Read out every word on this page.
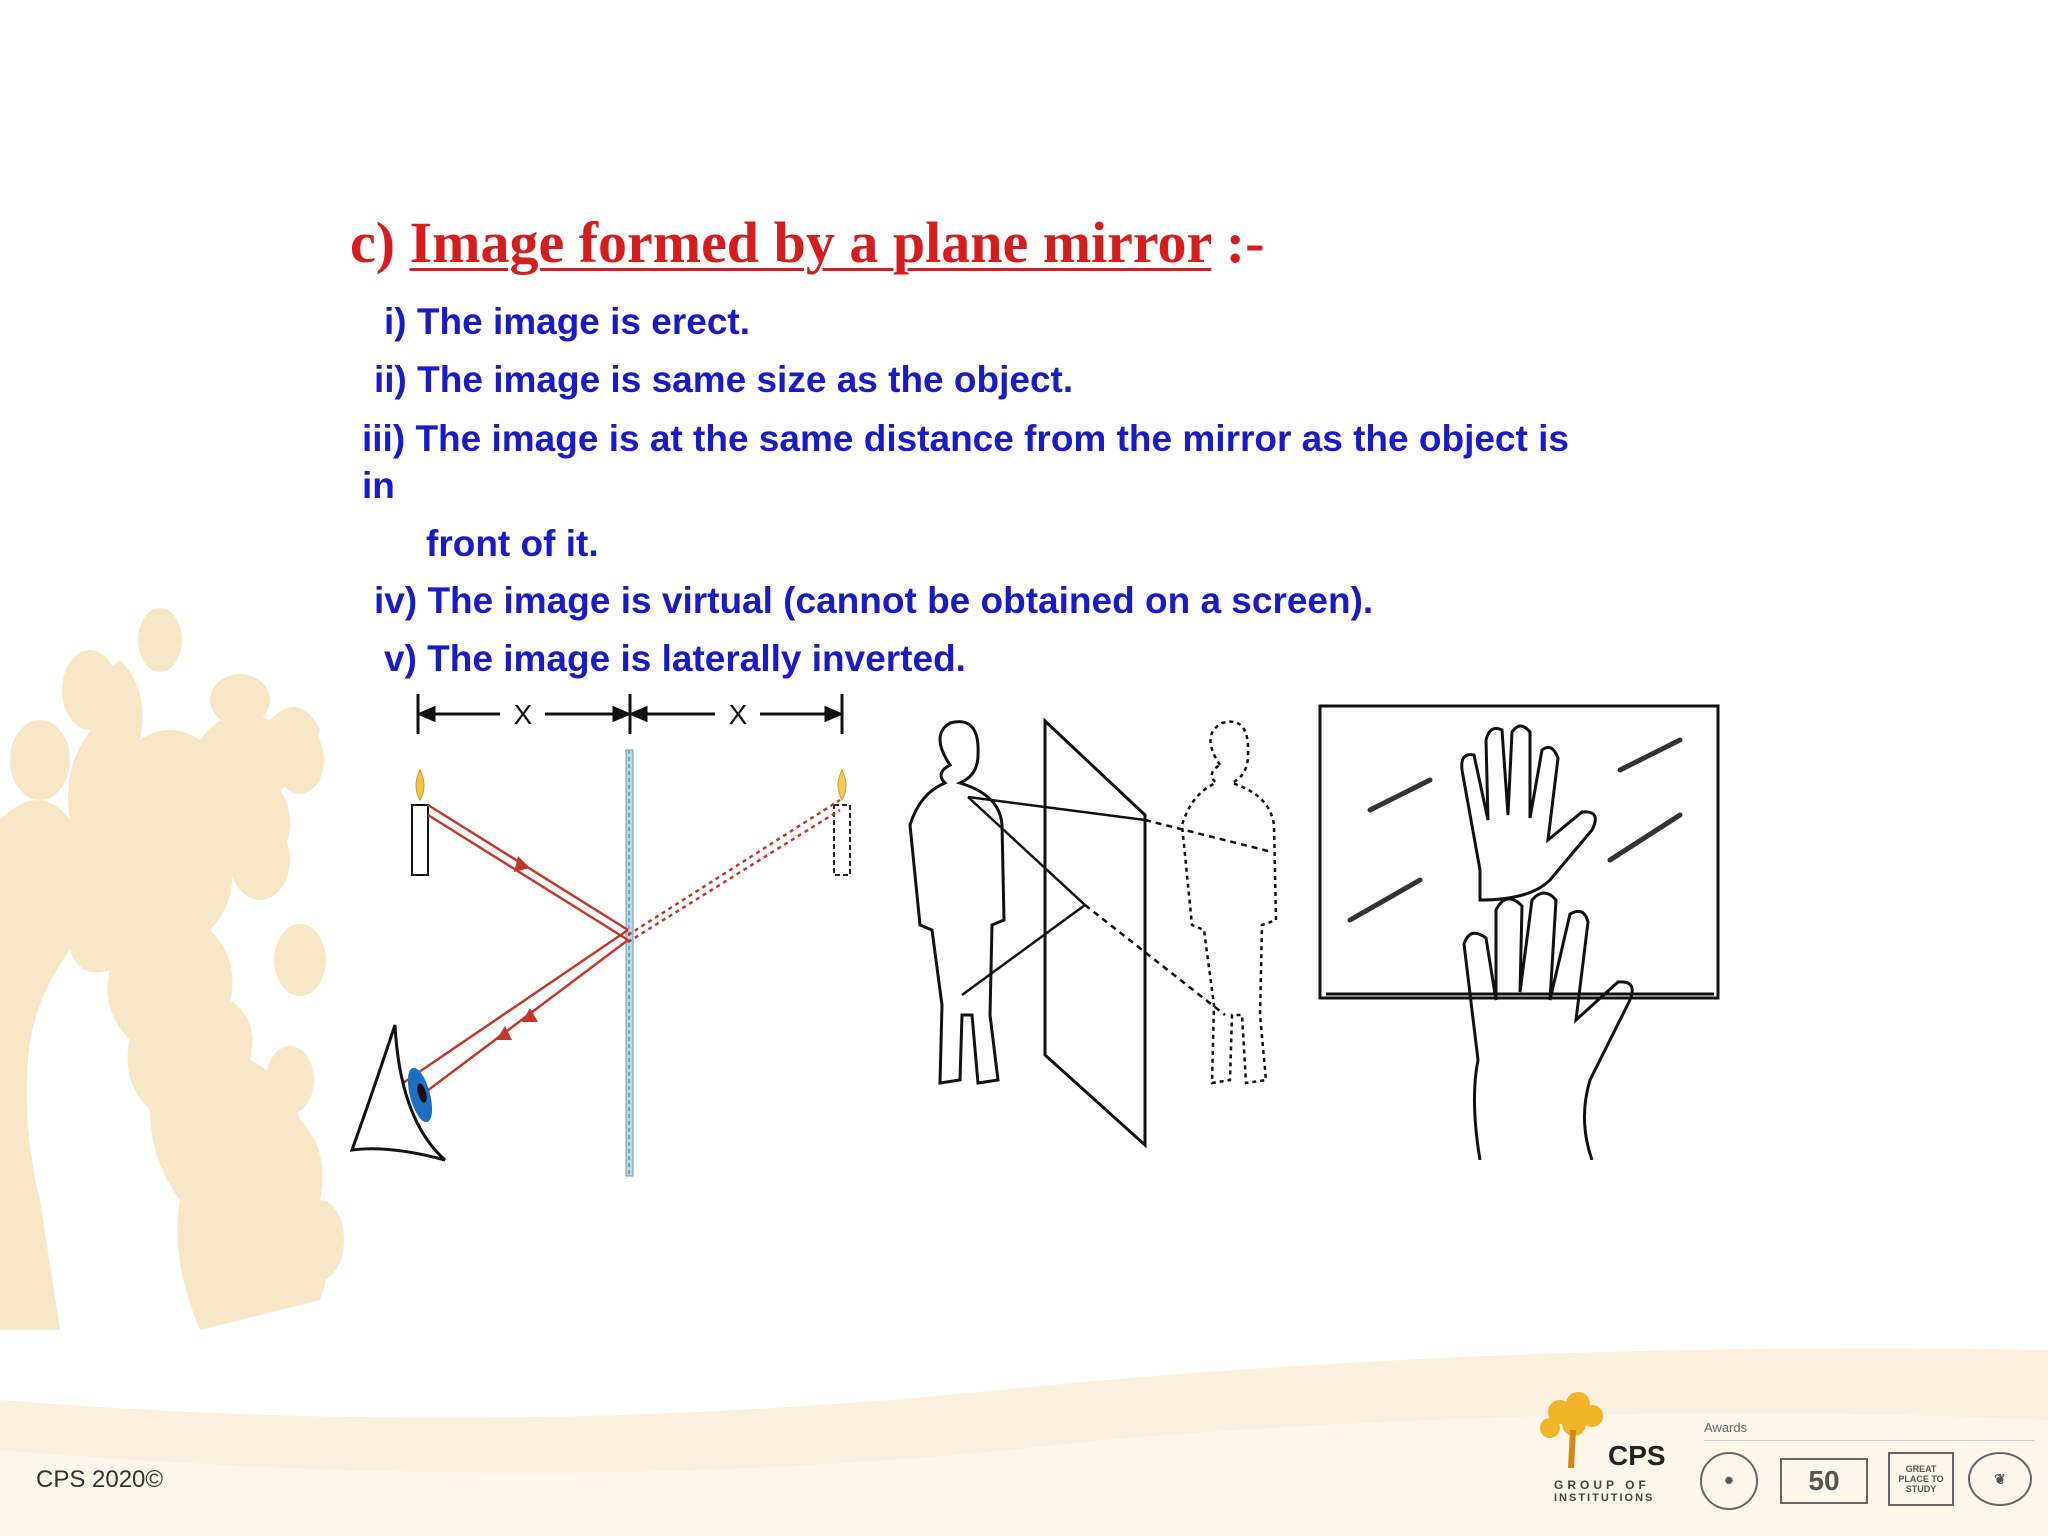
c) Image formed by a plane mirror :-
i) The image is erect.
ii) The image is same size as the object.
iii) The image is at the same distance from the mirror as the object is
in
front of it.
iv) The image is virtual (cannot be obtained on a screen).
v) The image is laterally inverted.
X	X
CPS 2020©
CPS
GROUP OF
INSTITUTIONS
Awards
✺	50	GREAT PLACE TO STUDY
❦
